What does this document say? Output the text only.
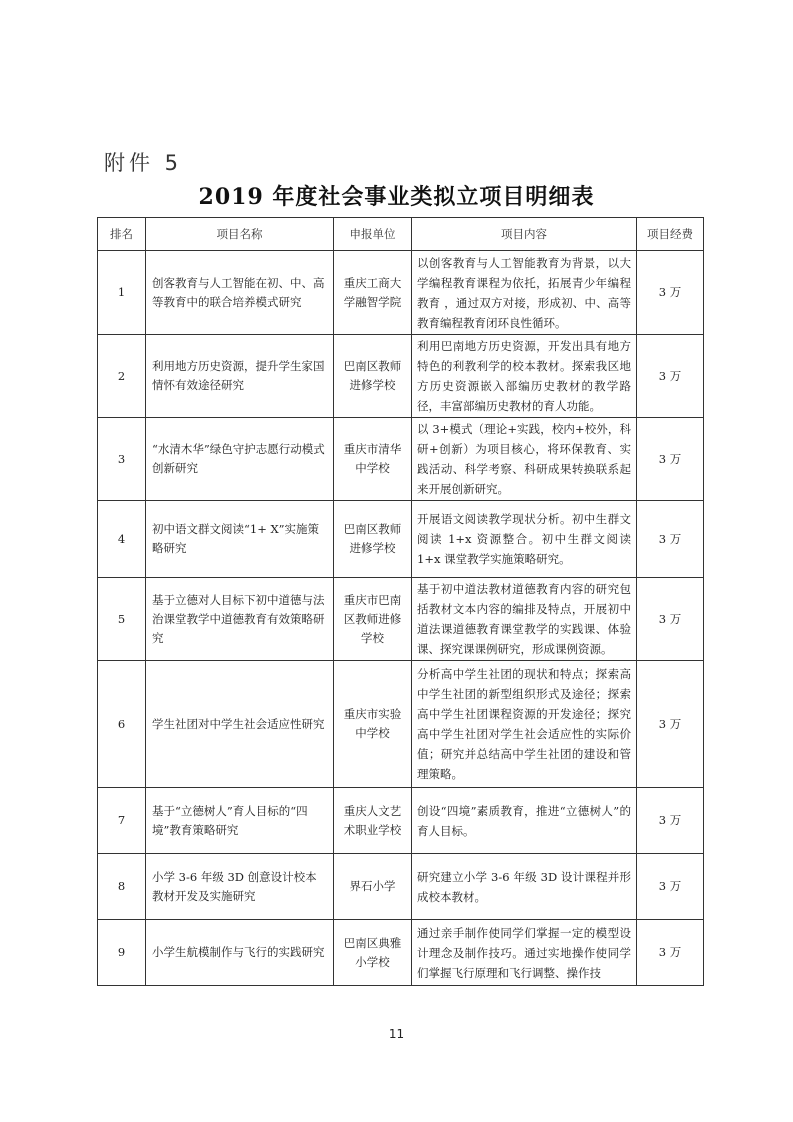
附件 5
2019 年度社会事业类拟立项目明细表
排名	项目名称	申报单位	项目内容	项目经费
1	创客教育与人工智能在初、中、高等教育中的联合培养模式研究	重庆工商大学融智学院	以创客教育与人工智能教育为背景，以大学编程教育课程为依托，拓展青少年编程教育 ，通过双方对接，形成初、中、高等教育编程教育闭环良性循环。	3 万
2	利用地方历史资源，提升学生家国情怀有效途径研究	巴南区教师进修学校	利用巴南地方历史资源，开发出具有地方特色的利教利学的校本教材。探索我区地方历史资源嵌入部编历史教材的教学路径，丰富部编历史教材的育人功能。	3 万
3	“水清木华”绿色守护志愿行动模式创新研究	重庆市清华中学校	以 3+模式（理论+实践，校内+校外，科研+创新）为项目核心，将环保教育、实践活动、科学考察、科研成果转换联系起来开展创新研究。	3 万
4	初中语文群文阅读“1+ X”实施策略研究	巴南区教师进修学校	开展语文阅读教学现状分析。初中生群文阅读 1+x 资源整合。初中生群文阅读 1+x 课堂教学实施策略研究。	3 万
5	基于立德对人目标下初中道德与法治课堂教学中道德教育有效策略研究	重庆市巴南区教师进修学校	基于初中道法教材道德教育内容的研究包括教材文本内容的编排及特点，开展初中道法课道德教育课堂教学的实践课、体验课、探究课课例研究，形成课例资源。	3 万
6	学生社团对中学生社会适应性研究	重庆市实验中学校	分析高中学生社团的现状和特点；探索高中学生社团的新型组织形式及途径；探索高中学生社团课程资源的开发途径；探究高中学生社团对学生社会适应性的实际价值；研究并总结高中学生社团的建设和管理策略。	3 万
7	基于“立德树人”育人目标的“四境”教育策略研究	重庆人文艺术职业学校	创设“四境”素质教育，推进“立德树人”的育人目标。	3 万
8	小学 3-6 年级 3D 创意设计校本教材开发及实施研究	界石小学	研究建立小学 3-6 年级 3D 设计课程并形成校本教材。	3 万
9	小学生航模制作与飞行的实践研究	巴南区典雅小学校	通过亲手制作使同学们掌握一定的模型设计理念及制作技巧。通过实地操作使同学们掌握飞行原理和飞行调整、操作技	3 万
11
